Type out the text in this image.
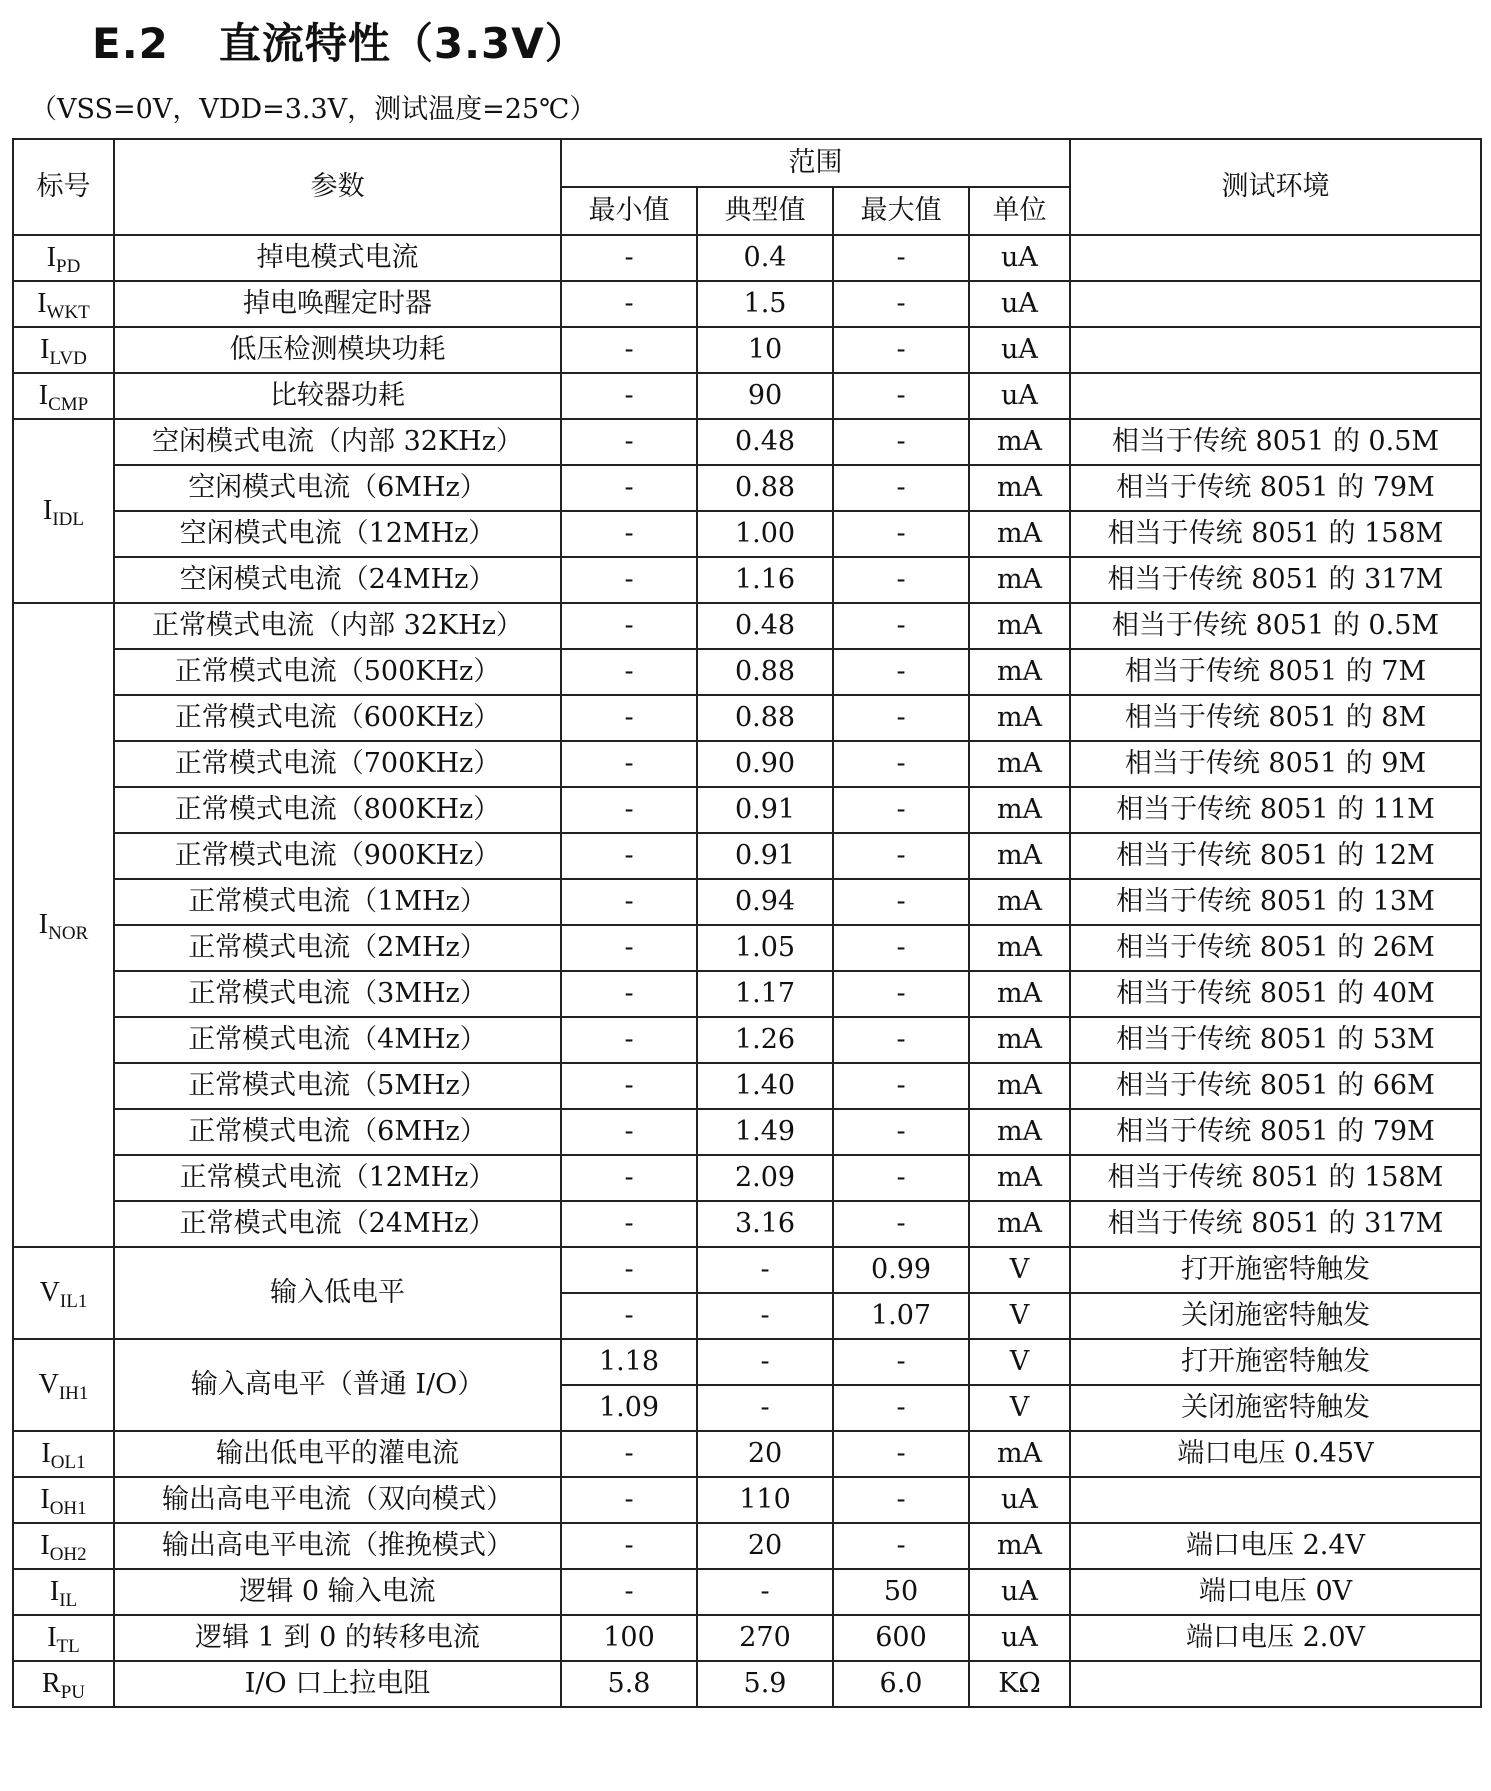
E.2 直流特性（3.3V）

（VSS=0V，VDD=3.3V，测试温度=25℃）

标号	参数	范围				测试环境
		最小值	典型值	最大值	单位	
$I_{PD}$	掉电模式电流	-	0.4	-	uA	
$I_{WKT}$	掉电唤醒定时器	-	1.5	-	uA	
$I_{LVD}$	低压检测模块功耗	-	10	-	uA	
$I_{CMP}$	比较器功耗	-	90	-	uA	
$I_{IDL}$	空闲模式电流（内部 32KHz）	-	0.48	-	mA	相当于传统 8051 的 0.5M
	空闲模式电流（6MHz）	-	0.88	-	mA	相当于传统 8051 的 79M
	空闲模式电流（12MHz）	-	1.00	-	mA	相当于传统 8051 的 158M
	空闲模式电流（24MHz）	-	1.16	-	mA	相当于传统 8051 的 317M
$I_{NOR}$	正常模式电流（内部 32KHz）	-	0.48	-	mA	相当于传统 8051 的 0.5M
	正常模式电流（500KHz）	-	0.88	-	mA	相当于传统 8051 的 7M
	正常模式电流（600KHz）	-	0.88	-	mA	相当于传统 8051 的 8M
	正常模式电流（700KHz）	-	0.90	-	mA	相当于传统 8051 的 9M
	正常模式电流（800KHz）	-	0.91	-	mA	相当于传统 8051 的 11M
	正常模式电流（900KHz）	-	0.91	-	mA	相当于传统 8051 的 12M
	正常模式电流（1MHz）	-	0.94	-	mA	相当于传统 8051 的 13M
	正常模式电流（2MHz）	-	1.05	-	mA	相当于传统 8051 的 26M
	正常模式电流（3MHz）	-	1.17	-	mA	相当于传统 8051 的 40M
	正常模式电流（4MHz）	-	1.26	-	mA	相当于传统 8051 的 53M
	正常模式电流（5MHz）	-	1.40	-	mA	相当于传统 8051 的 66M
	正常模式电流（6MHz）	-	1.49	-	mA	相当于传统 8051 的 79M
	正常模式电流（12MHz）	-	2.09	-	mA	相当于传统 8051 的 158M
	正常模式电流（24MHz）	-	3.16	-	mA	相当于传统 8051 的 317M
$V_{IL1}$	输入低电平	-	-	0.99	V	打开施密特触发
		-	-	1.07	V	关闭施密特触发
$V_{IH1}$	输入高电平（普通 I/O）	1.18	-	-	V	打开施密特触发
		1.09	-	-	V	关闭施密特触发
$I_{OL1}$	输出低电平的灌电流	-	20	-	mA	端口电压 0.45V
$I_{OH1}$	输出高电平电流（双向模式）	-	110	-	uA	
$I_{OH2}$	输出高电平电流（推挽模式）	-	20	-	mA	端口电压 2.4V
$I_{IL}$	逻辑 0 输入电流	-	-	50	uA	端口电压 0V
$I_{TL}$	逻辑 1 到 0 的转移电流	100	270	600	uA	端口电压 2.0V
$R_{PU}$	I/O 口上拉电阻	5.8	5.9	6.0	KΩ	
